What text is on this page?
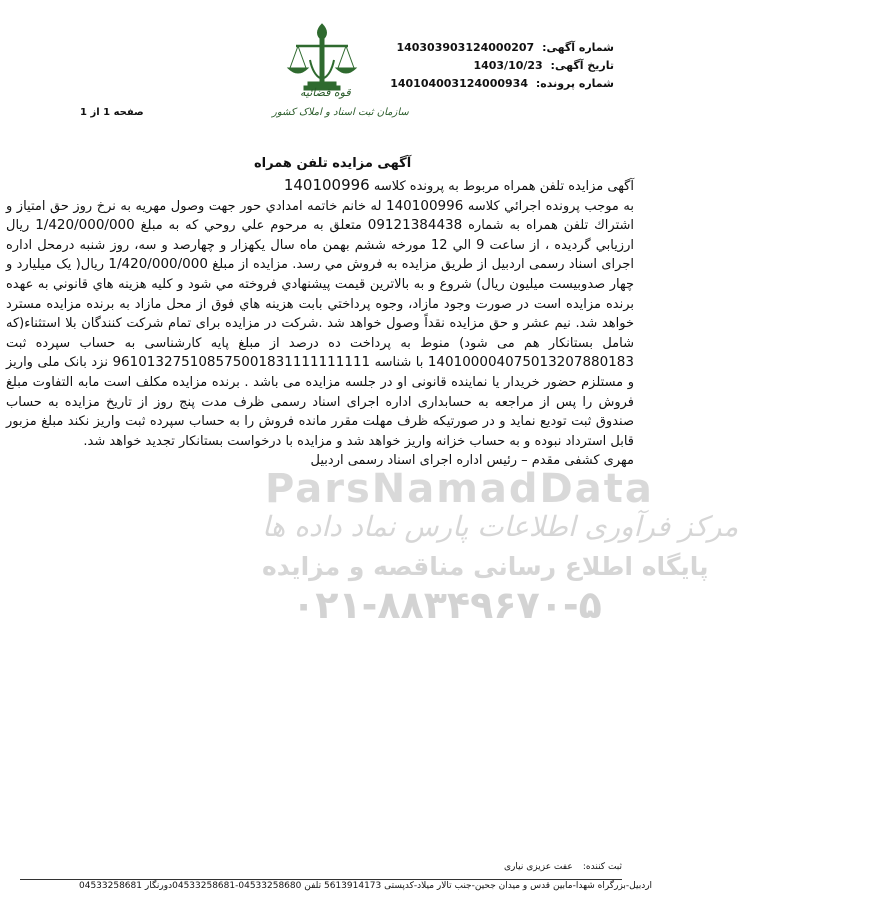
شماره آگهی: 140303903124000207
تاریخ آگهی: 1403/10/23
شماره پرونده: 140104003124000934
قوه قضائیه
سازمان ثبت اسناد و املاک کشور
صفحه 1 از 1
ParsNamadData
مرکز فرآوری اطلاعات پارس نماد داده ها
پایگاه اطلاع رسانی مناقصه و مزایده
۰۲۱-۸۸۳۴۹۶۷۰-۵
آگهی مزایده تلفن همراه

آگهی مزایده تلفن همراه مربوط به پرونده کلاسه 140100996

به موجب پرونده اجرائي كلاسه 140100996 له خانم خاتمه امدادي حور جهت وصول مهريه به نرخ روز حق امتياز و اشتراك تلفن همراه به شماره 09121384438 متعلق به مرحوم علي روحي كه به مبلغ 1/420/000/000 ريال ارزيابي گرديده ، از ساعت 9 الي 12 مورخه ششم بهمن ماه سال يكهزار و چهارصد و سه، روز شنبه درمحل اداره اجرای اسناد رسمی اردبیل از طریق مزایده به فروش مي رسد. مزايده از مبلغ 1/420/000/000 ريال( يک ميليارد و چهار صدوبيست ميليون ريال) شروع و به بالاترين قيمت پيشنهادي فروخته مي شود و كليه هزينه هاي قانوني به عهده برنده مزايده است در صورت وجود مازاد، وجوه پرداختي بابت هزينه هاي فوق از محل مازاد به برنده مزايده مسترد خواهد شد. نيم عشر و حق مزايده نقداً وصول خواهد شد .شرکت در مزايده برای تمام شرکت کنندگان بلا استثناء(که شامل بستانکار هم می شود) منوط به پرداخت ده درصد از مبلغ پايه کارشناسی به حساب سپرده ثبت 140100004075013207880183 با شناسه 961013275108575001831111111111 نزد بانک ملی واريز و مستلزم حضور خريدار يا نماينده قانونی او در جلسه مزايده می باشد . برنده مزایده مکلف است مابه التفاوت مبلغ فروش را پس از مراجعه به حسابداری اداره اجرای اسناد رسمی ظرف مدت پنج روز از تاریخ مزایده به حساب صندوق ثبت توديع نمايد و در صورتيكه ظرف مهلت مقرر مانده فروش را به حساب سپرده ثبت واريز نكند مبلغ مزبور قابل استرداد نبوده و به حساب خزانه واريز خواهد شد و مزايده با درخواست بستانكار تجديد خواهد شد.

مهری كشفی مقدم – رئيس اداره اجرای اسناد رسمی اردبيل

ثبت كننده:
عفت عزيزی نياری
اردبیل-بزرگراه شهدا-مابین قدس و میدان جحین-جنب تالار میلاد-کدپستی 5613914173 تلفن 04533258680-04533258681دورنگار 04533258681
